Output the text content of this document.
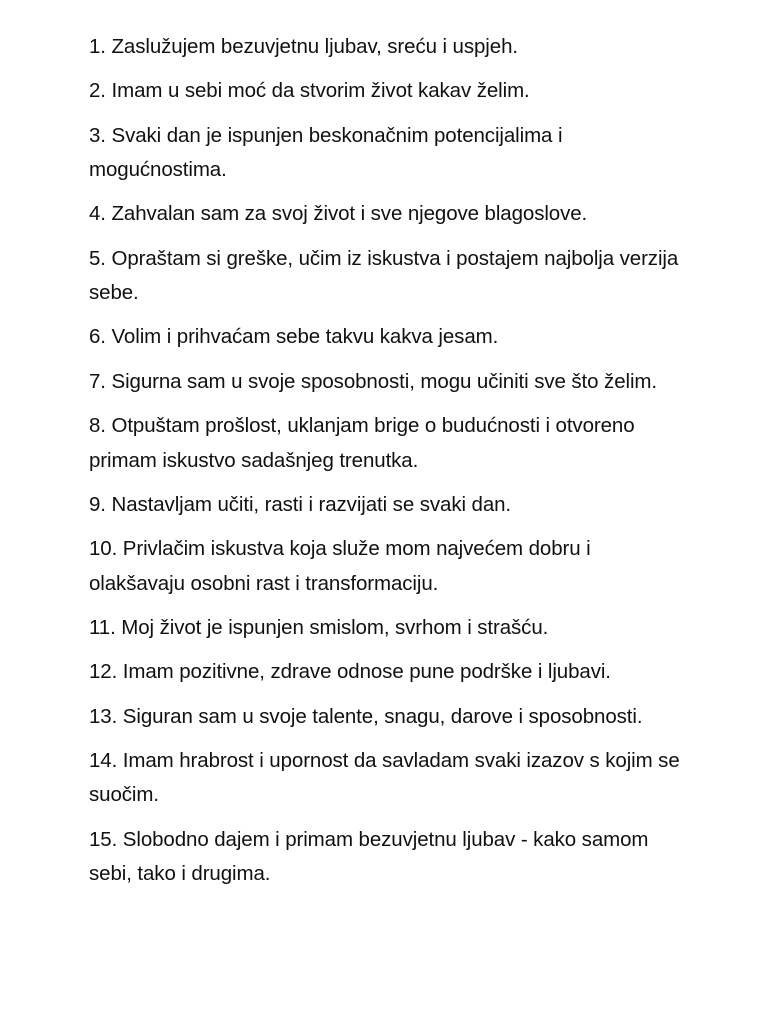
1. Zaslužujem bezuvjetnu ljubav, sreću i uspjeh.
2. Imam u sebi moć da stvorim život kakav želim.
3. Svaki dan je ispunjen beskonačnim potencijalima i mogućnostima.
4. Zahvalan sam za svoj život i sve njegove blagoslove.
5. Opraštam si greške, učim iz iskustva i postajem najbolja verzija sebe.
6. Volim i prihvaćam sebe takvu kakva jesam.
7. Sigurna sam u svoje sposobnosti, mogu učiniti sve što želim.
8. Otpuštam prošlost, uklanjam brige o budućnosti i otvoreno primam iskustvo sadašnjeg trenutka.
9. Nastavljam učiti, rasti i razvijati se svaki dan.
10. Privlačim iskustva koja služe mom najvećem dobru i olakšavaju osobni rast i transformaciju.
11. Moj život je ispunjen smislom, svrhom i strašću.
12. Imam pozitivne, zdrave odnose pune podrške i ljubavi.
13. Siguran sam u svoje talente, snagu, darove i sposobnosti.
14. Imam hrabrost i upornost da savladam svaki izazov s kojim se suočim.
15. Slobodno dajem i primam bezuvjetnu ljubav - kako samom sebi, tako i drugima.
